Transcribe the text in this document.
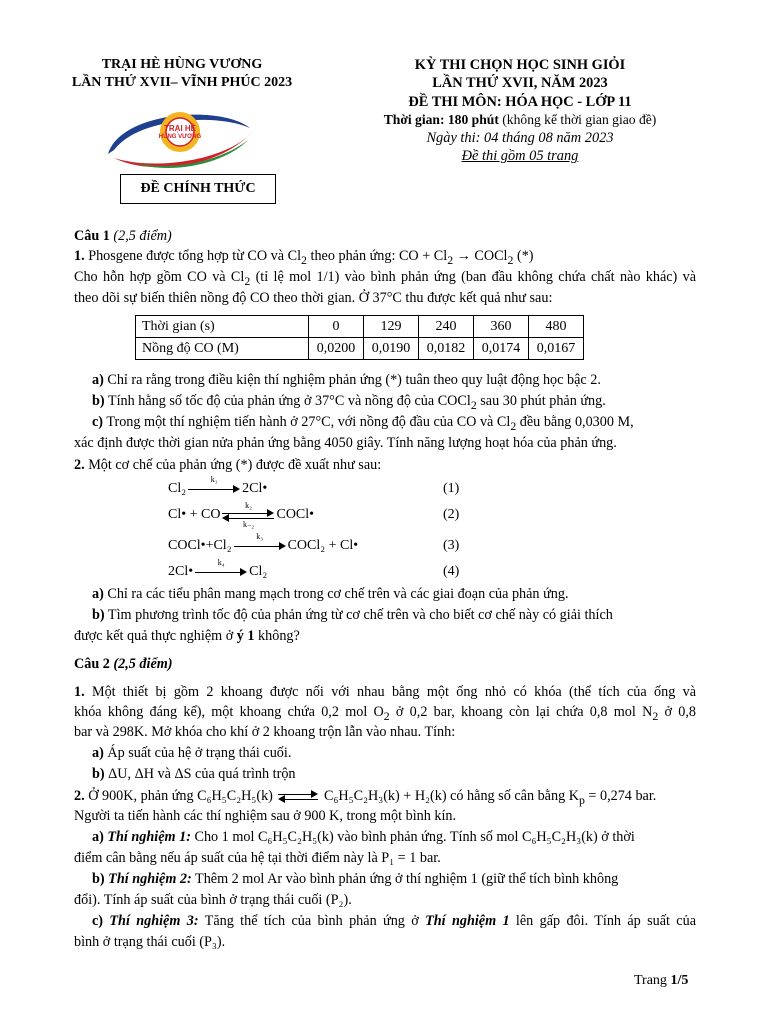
TRẠI HÈ HÙNG VƯƠNG
LẦN THỨ XVII– VĨNH PHÚC 2023
TRẠI HÈ
HÙNG VƯƠNG
ĐỀ CHÍNH THỨC
KỲ THI CHỌN HỌC SINH GIỎI
LẦN THỨ XVII, NĂM 2023
ĐỀ THI MÔN: HÓA HỌC - LỚP 11
Thời gian: 180 phút (không kể thời gian giao đề)
Ngày thi: 04 tháng 08 năm 2023
Đề thi gồm 05 trang
Câu 1 (2,5 điểm)
1. Phosgene được tổng hợp từ CO và $Cl_2$ theo phản ứng: CO + $Cl_2$ → COCl$_2$ (*)
Cho hỗn hợp gồm CO và $Cl_2$ (tỉ lệ mol 1/1) vào bình phản ứng (ban đầu không chứa chất nào khác) và
theo dõi sự biến thiên nồng độ CO theo thời gian. Ở 37°C thu được kết quả như sau:
Thời gian (s)	0	129	240	360	480
Nồng độ CO (M)	0,0200	0,0190	0,0182	0,0174	0,0167
a) Chỉ ra rằng trong điều kiện thí nghiệm phản ứng (*) tuân theo quy luật động học bậc 2.
b) Tính hằng số tốc độ của phản ứng ở 37°C và nồng độ của COCl$_2$ sau 30 phút phản ứng.
c) Trong một thí nghiệm tiến hành ở 27°C, với nồng độ đầu của CO và $Cl_2$ đều bằng 0,0300 M,
xác định được thời gian nửa phản ứng bằng 4050 giây. Tính năng lượng hoạt hóa của phản ứng.
2. Một cơ chế của phản ứng (*) được đề xuất như sau:
Cl₂
k₁
2Cl•	(1)
Cl• + CO
k₂
k₋₂
COCl•	(2)
COCl•+Cl₂
k₃
COCl₂ + Cl•	(3)
2Cl•
k₄
Cl₂	(4)
a) Chỉ ra các tiểu phân mang mạch trong cơ chế trên và các giai đoạn của phản ứng.
b) Tìm phương trình tốc độ của phản ứng từ cơ chế trên và cho biết cơ chế này có giải thích
được kết quả thực nghiệm ở ý 1 không?
Câu 2 (2,5 điểm)
1. Một thiết bị gồm 2 khoang được nối với nhau bằng một ống nhỏ có khóa (thể tích của ống và
khóa không đáng kể), một khoang chứa 0,2 mol $O_2$ ở 0,2 bar, khoang còn lại chứa 0,8 mol $N_2$ ở 0,8
bar và 298K. Mở khóa cho khí ở 2 khoang trộn lẫn vào nhau. Tính:
a) Áp suất của hệ ở trạng thái cuối.
b) ΔU, ΔH và ΔS của quá trình trộn
2. Ở 900K, phản ứng C₆H₅C₂H₅(k)	C₆H₅C₂H₃(k) + H₂(k) có hằng số cân bằng $K_p = 0,274$ bar.
Người ta tiến hành các thí nghiệm sau ở 900 K, trong một bình kín.
a) Thí nghiệm 1: Cho 1 mol C₆H₅C₂H₅(k) vào bình phản ứng. Tính số mol C₆H₅C₂H₃(k) ở thời
điểm cân bằng nếu áp suất của hệ tại thời điểm này là P₁ = 1 bar.
b) Thí nghiệm 2: Thêm 2 mol Ar vào bình phản ứng ở thí nghiệm 1 (giữ thể tích bình không
đổi). Tính áp suất của bình ở trạng thái cuối (P₂).
c) Thí nghiệm 3: Tăng thể tích của bình phản ứng ở Thí nghiệm 1 lên gấp đôi. Tính áp suất của
bình ở trạng thái cuối (P₃).
Trang 1/5
